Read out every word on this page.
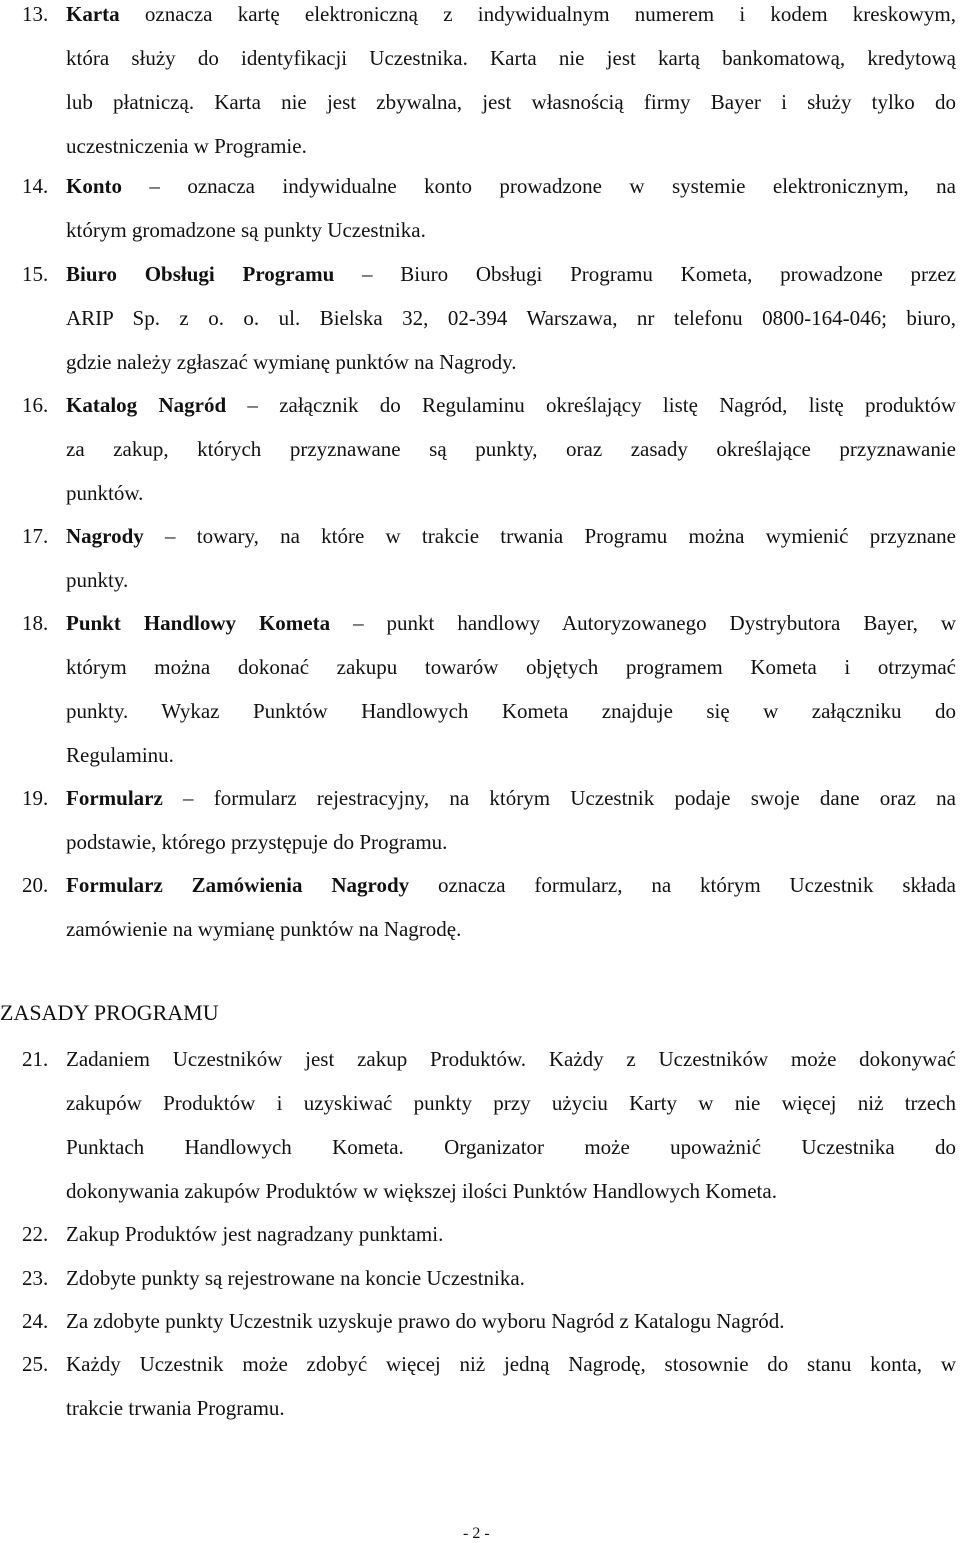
13. Karta oznacza kartę elektroniczną z indywidualnym numerem i kodem kreskowym,
która służy do identyfikacji Uczestnika. Karta nie jest kartą bankomatową, kredytową
lub płatniczą. Karta nie jest zbywalna, jest własnością firmy Bayer i służy tylko do
uczestniczenia w Programie.
14. Konto – oznacza indywidualne konto prowadzone w systemie elektronicznym, na
którym gromadzone są punkty Uczestnika.
15. Biuro Obsługi Programu – Biuro Obsługi Programu Kometa, prowadzone przez
ARIP Sp. z o. o. ul. Bielska 32, 02-394 Warszawa, nr telefonu 0800-164-046; biuro,
gdzie należy zgłaszać wymianę punktów na Nagrody.
16. Katalog Nagród – załącznik do Regulaminu określający listę Nagród, listę produktów
za zakup, których przyznawane są punkty, oraz zasady określające przyznawanie
punktów.
17. Nagrody – towary, na które w trakcie trwania Programu można wymienić przyznane
punkty.
18. Punkt Handlowy Kometa – punkt handlowy Autoryzowanego Dystrybutora Bayer, w
którym można dokonać zakupu towarów objętych programem Kometa i otrzymać
punkty. Wykaz Punktów Handlowych Kometa znajduje się w załączniku do
Regulaminu.
19. Formularz – formularz rejestracyjny, na którym Uczestnik podaje swoje dane oraz na
podstawie, którego przystępuje do Programu.
20. Formularz Zamówienia Nagrody oznacza formularz, na którym Uczestnik składa
zamówienie na wymianę punktów na Nagrodę.
ZASADY PROGRAMU
21. Zadaniem Uczestników jest zakup Produktów. Każdy z Uczestników może dokonywać
zakupów Produktów i uzyskiwać punkty przy użyciu Karty w nie więcej niż trzech
Punktach Handlowych Kometa. Organizator może upoważnić Uczestnika do
dokonywania zakupów Produktów w większej ilości Punktów Handlowych Kometa.
22. Zakup Produktów jest nagradzany punktami.
23. Zdobyte punkty są rejestrowane na koncie Uczestnika.
24. Za zdobyte punkty Uczestnik uzyskuje prawo do wyboru Nagród z Katalogu Nagród.
25. Każdy Uczestnik może zdobyć więcej niż jedną Nagrodę, stosownie do stanu konta, w
trakcie trwania Programu.
- 2 -
